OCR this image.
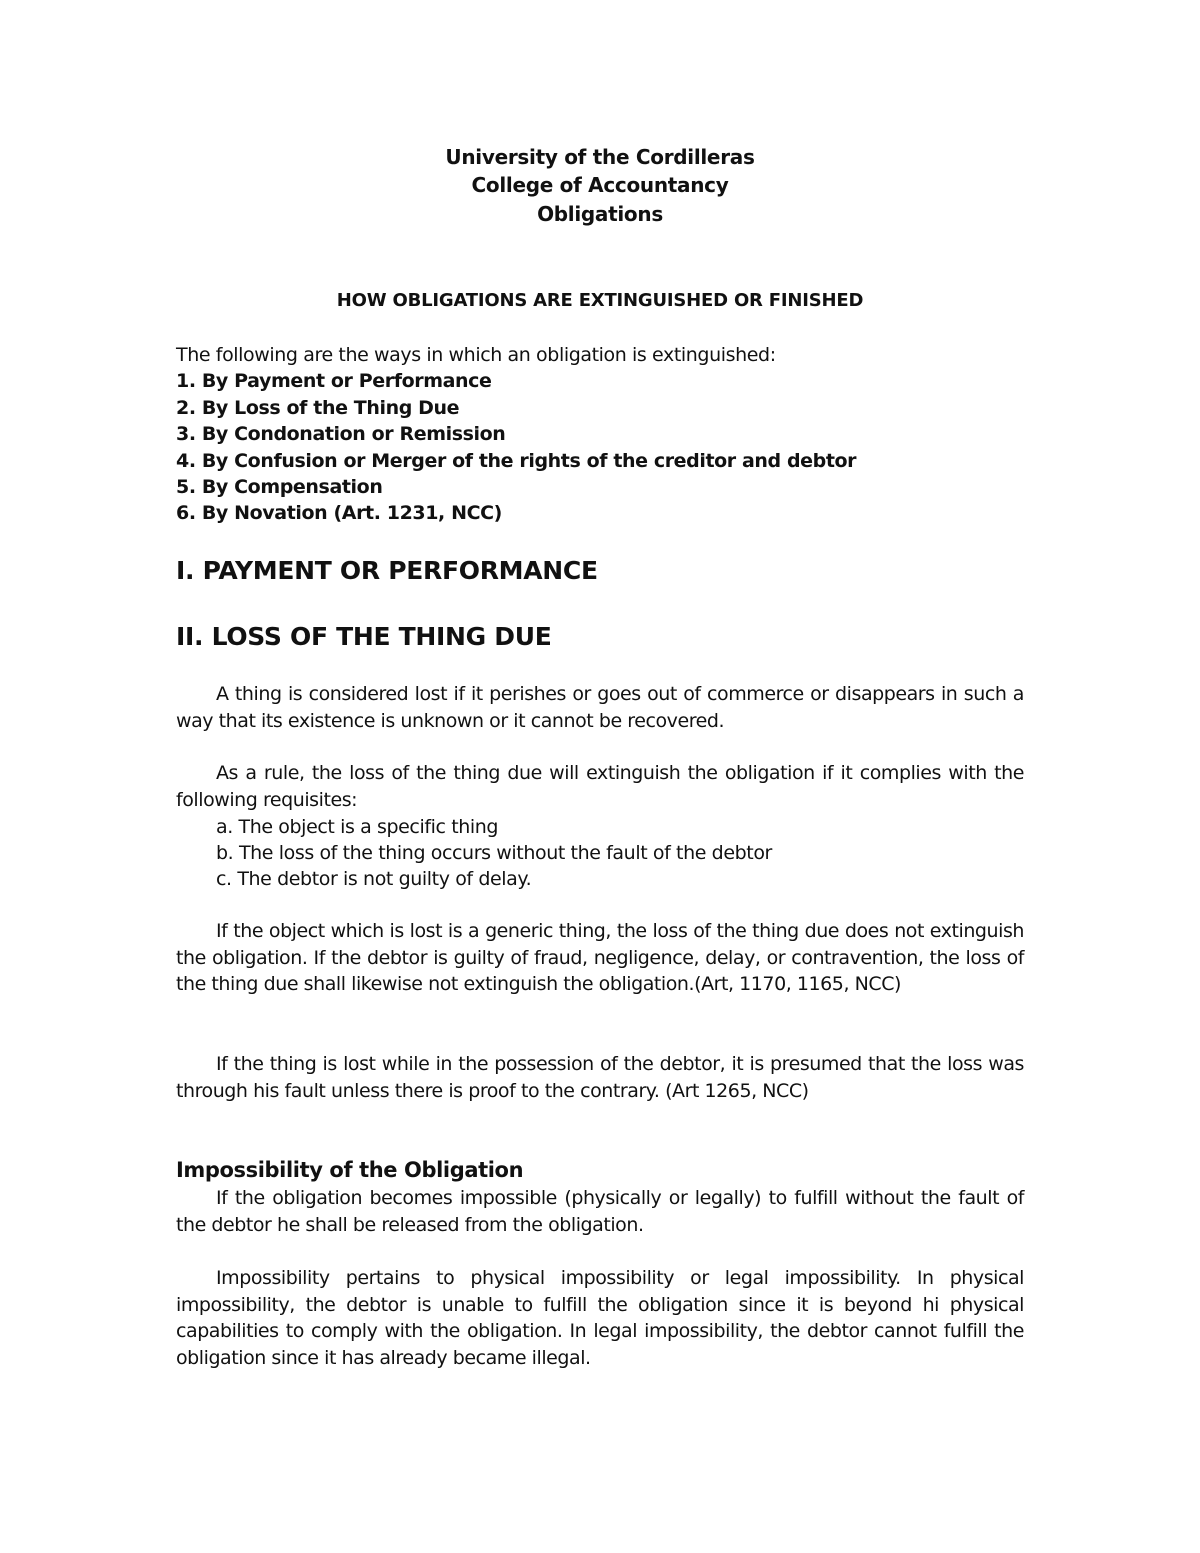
University of the Cordilleras
College of Accountancy
Obligations
HOW OBLIGATIONS ARE EXTINGUISHED OR FINISHED
The following are the ways in which an obligation is extinguished:
1. By Payment or Performance
2. By Loss of the Thing Due
3. By Condonation or Remission
4. By Confusion or Merger of the rights of the creditor and debtor
5. By Compensation
6. By Novation (Art. 1231, NCC)
I. PAYMENT OR PERFORMANCE
II. LOSS OF THE THING DUE

A thing is considered lost if it perishes or goes out of commerce or disappears in such a way that its existence is unknown or it cannot be recovered.

As a rule, the loss of the thing due will extinguish the obligation if it complies with the following requisites:

a. The object is a specific thing
b. The loss of the thing occurs without the fault of the debtor
c. The debtor is not guilty of delay.

If the object which is lost is a generic thing, the loss of the thing due does not extinguish the obligation. If the debtor is guilty of fraud, negligence, delay, or contravention, the loss of the thing due shall likewise not extinguish the obligation.(Art, 1170, 1165, NCC)

If the thing is lost while in the possession of the debtor, it is presumed that the loss was through his fault unless there is proof to the contrary. (Art 1265, NCC)

Impossibility of the Obligation

If the obligation becomes impossible (physically or legally) to fulfill without the fault of the debtor he shall be released from the obligation.

Impossibility pertains to physical impossibility or legal impossibility. In physical impossibility, the debtor is unable to fulfill the obligation since it is beyond hi physical capabilities to comply with the obligation. In legal impossibility, the debtor cannot fulfill the obligation since it has already became illegal.
